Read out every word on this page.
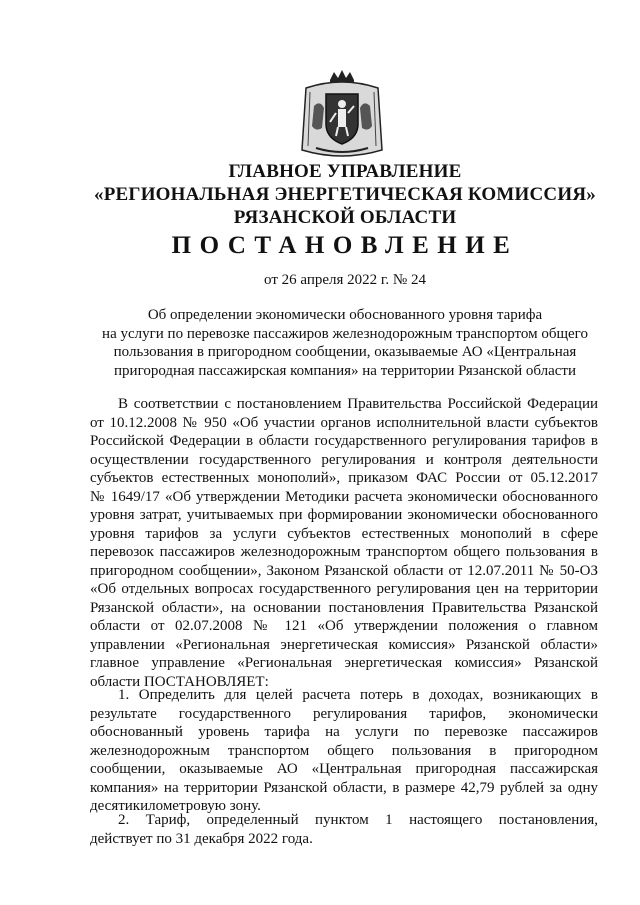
ГЛАВНОЕ УПРАВЛЕНИЕ
«РЕГИОНАЛЬНАЯ ЭНЕРГЕТИЧЕСКАЯ КОМИССИЯ»
РЯЗАНСКОЙ ОБЛАСТИ
ПОСТАНОВЛЕНИЕ
от 26 апреля 2022 г. № 24
Об определении экономически обоснованного уровня тарифа
на услуги по перевозке пассажиров железнодорожным транспортом общего
пользования в пригородном сообщении, оказываемые АО «Центральная
пригородная пассажирская компания» на территории Рязанской области
В соответствии с постановлением Правительства Российской Федерации
от 10.12.2008 № 950 «Об участии органов исполнительной власти субъектов
Российской Федерации в области государственного регулирования тарифов в
осуществлении государственного регулирования и контроля деятельности
субъектов естественных монополий», приказом ФАС России от 05.12.2017
№ 1649/17 «Об утверждении Методики расчета экономически обоснованного
уровня затрат, учитываемых при формировании экономически обоснованного
уровня тарифов за услуги субъектов естественных монополий в сфере
перевозок пассажиров железнодорожным транспортом общего пользования в
пригородном сообщении», Законом Рязанской области от 12.07.2011 № 50-ОЗ
«Об отдельных вопросах государственного регулирования цен на территории
Рязанской области», на основании постановления Правительства Рязанской
области от 02.07.2008 № 121 «Об утверждении положения о главном
управлении «Региональная энергетическая комиссия» Рязанской области»
главное управление «Региональная энергетическая комиссия» Рязанской
области ПОСТАНОВЛЯЕТ:
1. Определить для целей расчета потерь в доходах, возникающих в
результате государственного регулирования тарифов, экономически
обоснованный уровень тарифа на услуги по перевозке пассажиров
железнодорожным транспортом общего пользования в пригородном
сообщении, оказываемые АО «Центральная пригородная пассажирская
компания» на территории Рязанской области, в размере 42,79 рублей за одну
десятикилометровую зону.
2. Тариф, определенный пунктом 1 настоящего постановления,
действует по 31 декабря 2022 года.
